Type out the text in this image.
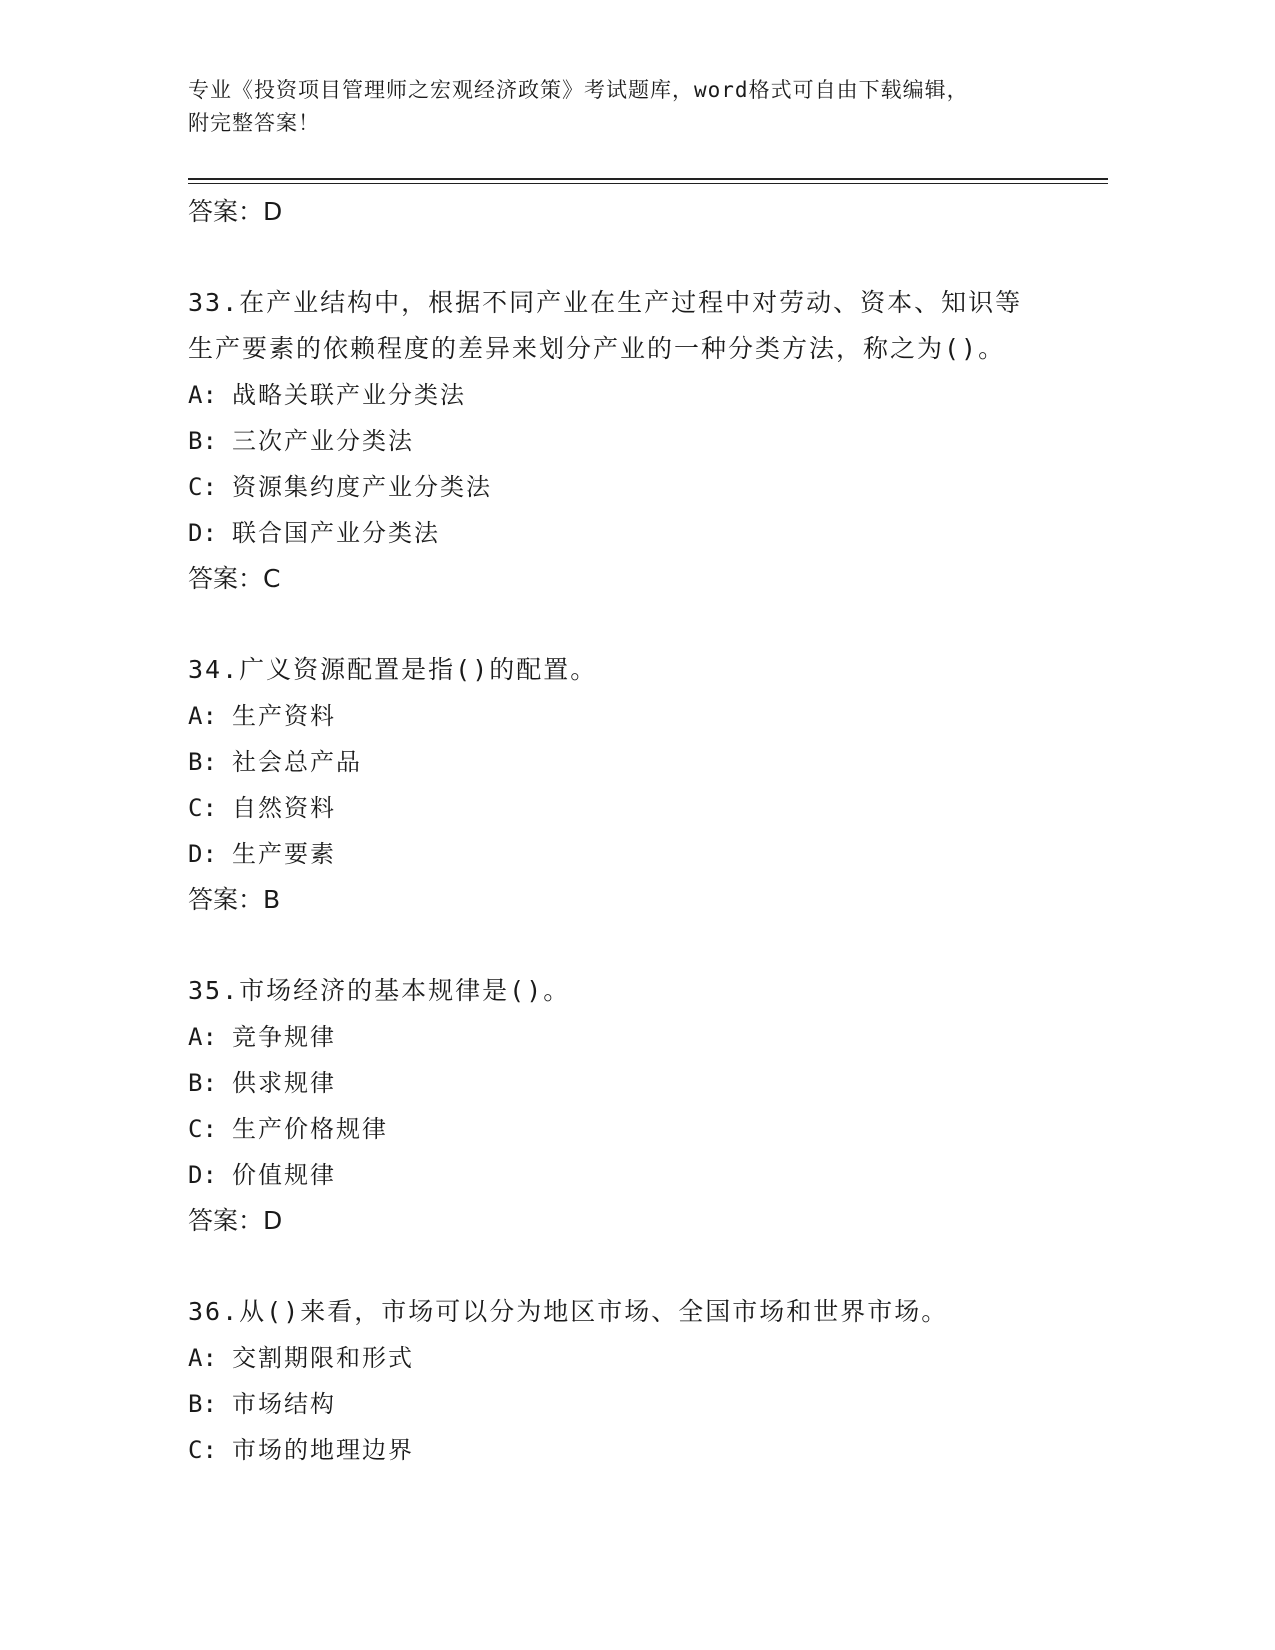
专业《投资项目管理师之宏观经济政策》考试题库，word格式可自由下载编辑，
附完整答案！
答案：D
33.在产业结构中，根据不同产业在生产过程中对劳动、资本、知识等
生产要素的依赖程度的差异来划分产业的一种分类方法，称之为()。
A: 战略关联产业分类法
B: 三次产业分类法
C: 资源集约度产业分类法
D: 联合国产业分类法
答案：C
34.广义资源配置是指()的配置。
A: 生产资料
B: 社会总产品
C: 自然资料
D: 生产要素
答案：B
35.市场经济的基本规律是()。
A: 竞争规律
B: 供求规律
C: 生产价格规律
D: 价值规律
答案：D
36.从()来看，市场可以分为地区市场、全国市场和世界市场。
A: 交割期限和形式
B: 市场结构
C: 市场的地理边界
